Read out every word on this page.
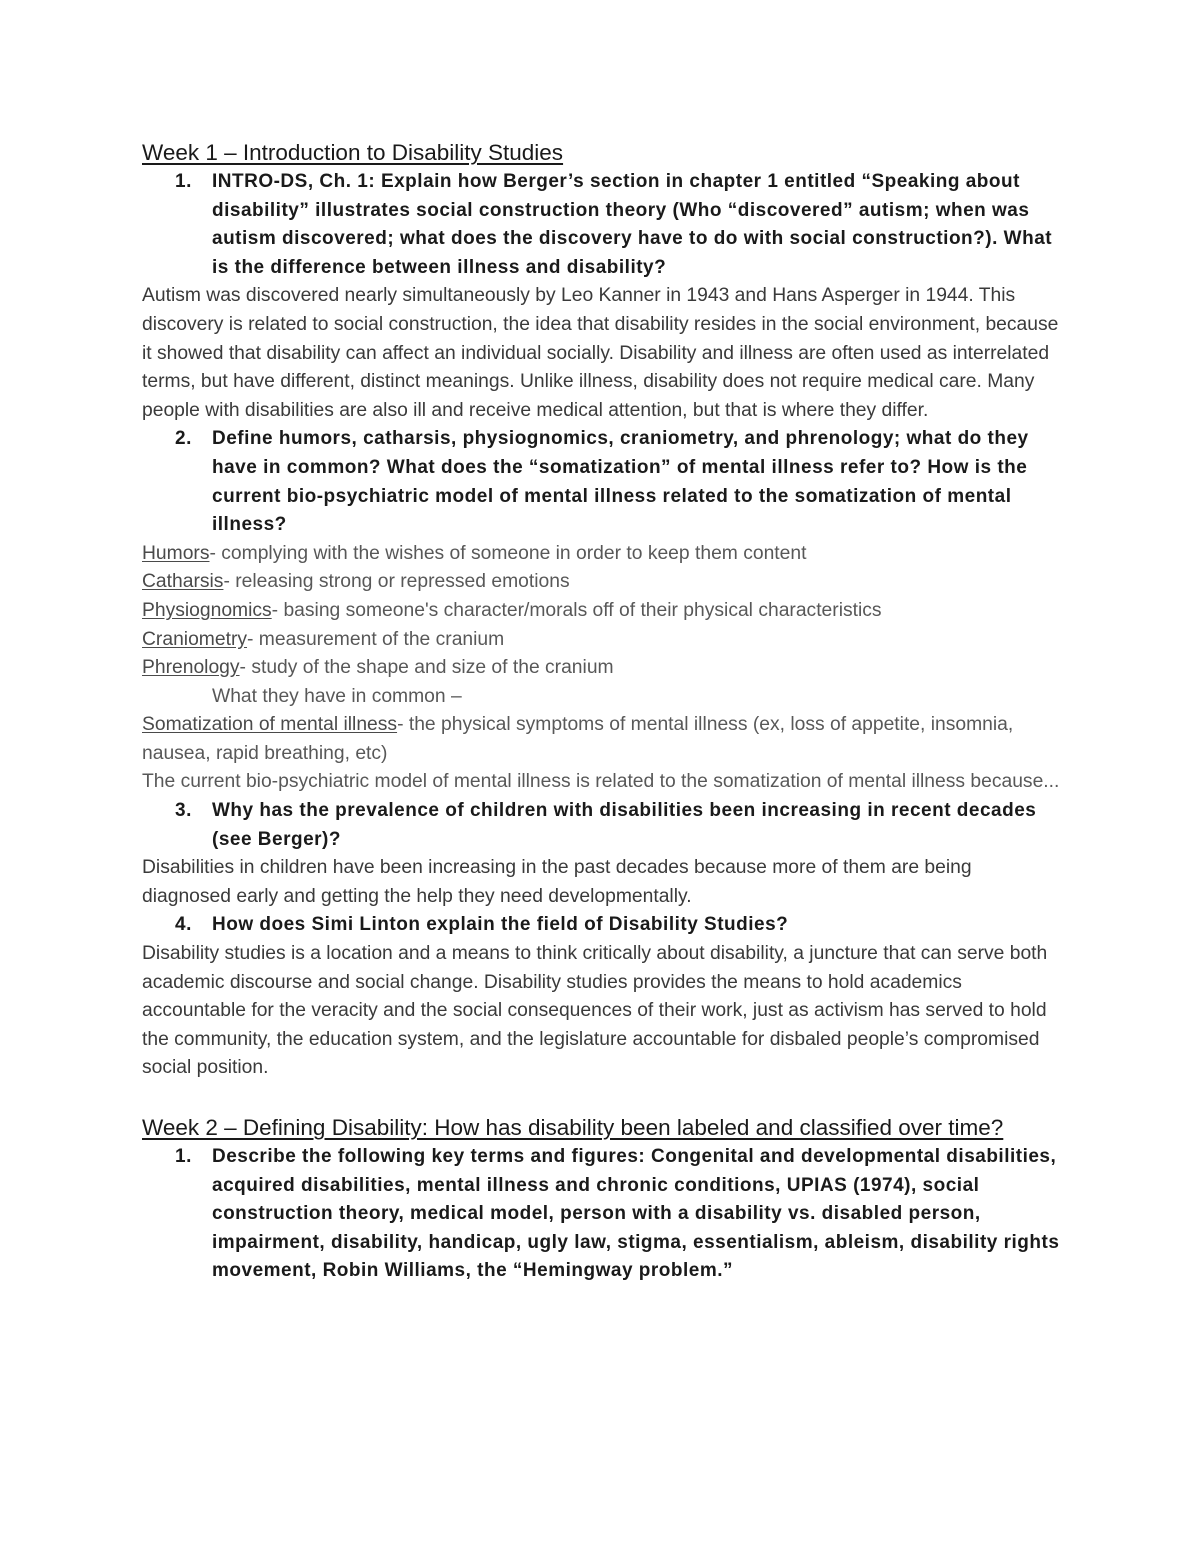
Week 1 – Introduction to Disability Studies
1.	INTRO-DS, Ch. 1: Explain how Berger’s section in chapter 1 entitled “Speaking about disability” illustrates social construction theory (Who “discovered” autism; when was autism discovered; what does the discovery have to do with social construction?). What is the difference between illness and disability?

Autism was discovered nearly simultaneously by Leo Kanner in 1943 and Hans Asperger in 1944. This discovery is related to social construction, the idea that disability resides in the social environment, because it showed that disability can affect an individual socially. Disability and illness are often used as interrelated terms, but have different, distinct meanings. Unlike illness, disability does not require medical care. Many people with disabilities are also ill and receive medical attention, but that is where they differ.

2.	Define humors, catharsis, physiognomics, craniometry, and phrenology; what do they have in common? What does the “somatization” of mental illness refer to? How is the current bio-psychiatric model of mental illness related to the somatization of mental illness?

Humors- complying with the wishes of someone in order to keep them content

Catharsis- releasing strong or repressed emotions

Physiognomics- basing someone's character/morals off of their physical characteristics

Craniometry- measurement of the cranium

Phrenology- study of the shape and size of the cranium

What they have in common –

Somatization of mental illness- the physical symptoms of mental illness (ex, loss of appetite, insomnia, nausea, rapid breathing, etc)

The current bio-psychiatric model of mental illness is related to the somatization of mental illness because...

3.	Why has the prevalence of children with disabilities been increasing in recent decades (see Berger)?

Disabilities in children have been increasing in the past decades because more of them are being diagnosed early and getting the help they need developmentally.

4.	How does Simi Linton explain the field of Disability Studies?

Disability studies is a location and a means to think critically about disability, a juncture that can serve both academic discourse and social change. Disability studies provides the means to hold academics accountable for the veracity and the social consequences of their work, just as activism has served to hold the community, the education system, and the legislature accountable for disbaled people’s compromised social position.

Week 2 – Defining Disability: How has disability been labeled and classified over time?
1.	Describe the following key terms and figures: Congenital and developmental disabilities, acquired disabilities, mental illness and chronic conditions, UPIAS (1974), social construction theory, medical model, person with a disability vs. disabled person, impairment, disability, handicap, ugly law, stigma, essentialism, ableism, disability rights movement, Robin Williams, the “Hemingway problem.”
